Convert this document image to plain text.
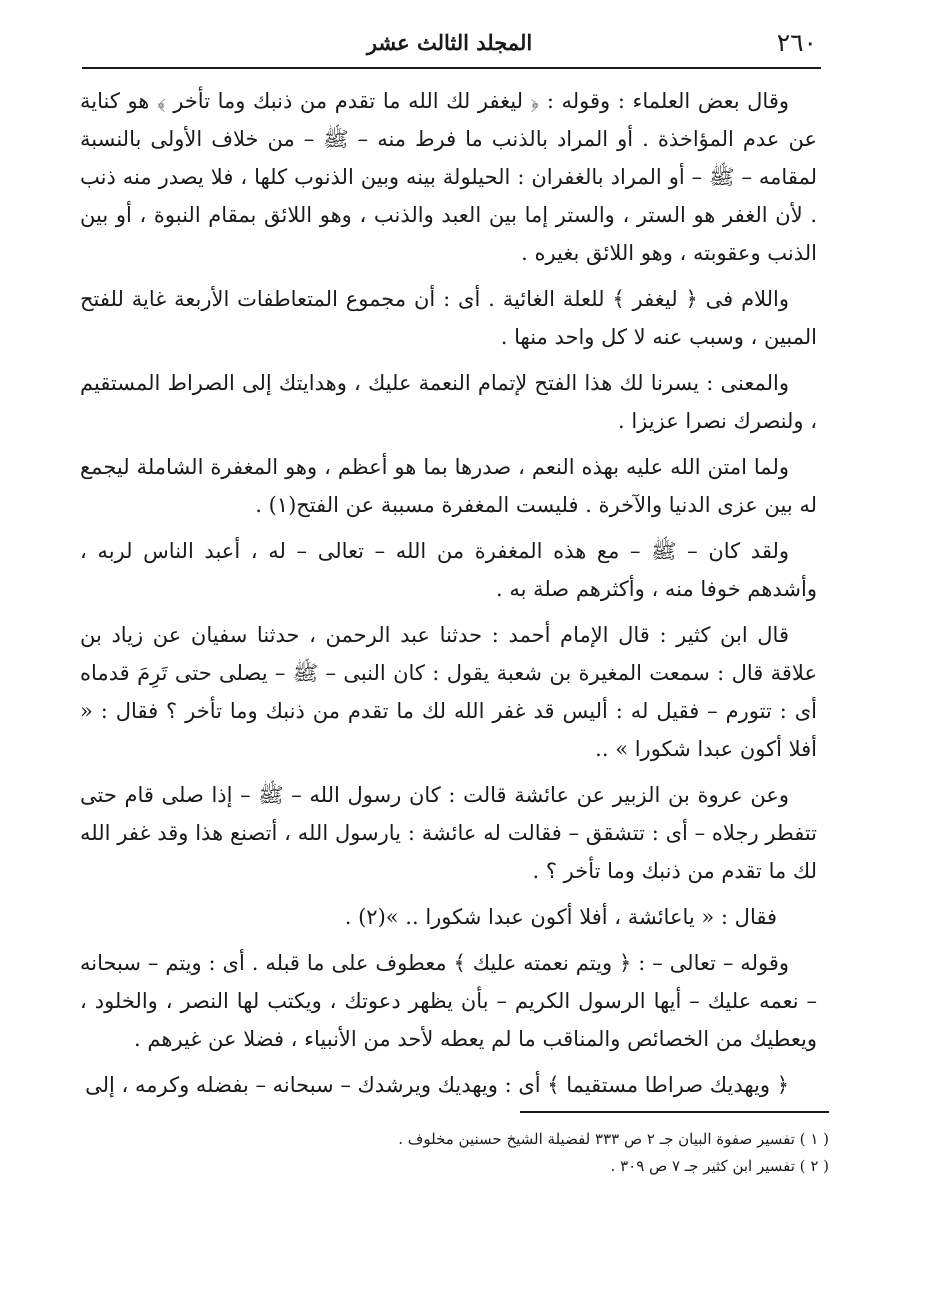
٢٦٠
المجلد الثالث عشر

وقال بعض العلماء : وقوله : ﴿ ليغفر لك الله ما تقدم من ذنبك وما تأخر ﴾ هو كناية عن عدم المؤاخذة . أو المراد بالذنب ما فرط منه – ﷺ – من خلاف الأولى بالنسبة لمقامه – ﷺ – أو المراد بالغفران : الحيلولة بينه وبين الذنوب كلها ، فلا يصدر منه ذنب . لأن الغفر هو الستر ، والستر إما بين العبد والذنب ، وهو اللائق بمقام النبوة ، أو بين الذنب وعقوبته ، وهو اللائق بغيره .

واللام فى ﴿ ليغفر ﴾ للعلة الغائية . أى : أن مجموع المتعاطفات الأربعة غاية للفتح المبين ، وسبب عنه لا كل واحد منها .

والمعنى : يسرنا لك هذا الفتح لإتمام النعمة عليك ، وهدايتك إلى الصراط المستقيم ، ولنصرك نصرا عزيزا .

ولما امتن الله عليه بهذه النعم ، صدرها بما هو أعظم ، وهو المغفرة الشاملة ليجمع له بين عزى الدنيا والآخرة . فليست المغفرة مسببة عن الفتح(١) .

ولقد كان – ﷺ – مع هذه المغفرة من الله – تعالى – له ، أعبد الناس لربه ، وأشدهم خوفا منه ، وأكثرهم صلة به .

قال ابن كثير : قال الإمام أحمد : حدثنا عبد الرحمن ، حدثنا سفيان عن زياد بن علاقة قال : سمعت المغيرة بن شعبة يقول : كان النبى – ﷺ – يصلى حتى تَرِمَ قدماه أى : تتورم – فقيل له : أليس قد غفر الله لك ما تقدم من ذنبك وما تأخر ؟ فقال : « أفلا أكون عبدا شكورا » ..

وعن عروة بن الزبير عن عائشة قالت : كان رسول الله – ﷺ – إذا صلى قام حتى تتفطر رجلاه – أى : تتشقق – فقالت له عائشة : يارسول الله ، أتصنع هذا وقد غفر الله لك ما تقدم من ذنبك وما تأخر ؟ .

فقال : « ياعائشة ، أفلا أكون عبدا شكورا .. »(٢) .

وقوله – تعالى – : ﴿ ويتم نعمته عليك ﴾ معطوف على ما قبله . أى : ويتم – سبحانه – نعمه عليك – أيها الرسول الكريم – بأن يظهر دعوتك ، ويكتب لها النصر ، والخلود ، ويعطيك من الخصائص والمناقب ما لم يعطه لأحد من الأنبياء ، فضلا عن غيرهم .

﴿ ويهديك صراطا مستقيما ﴾ أى : ويهديك ويرشدك – سبحانه – بفضله وكرمه ، إلى

( ١ ) تفسير صفوة البيان جـ ٢ ص ٣٣٣ لفضيلة الشيخ حسنين مخلوف .

( ٢ ) تفسير ابن كثير جـ ٧ ص ٣٠٩ .
